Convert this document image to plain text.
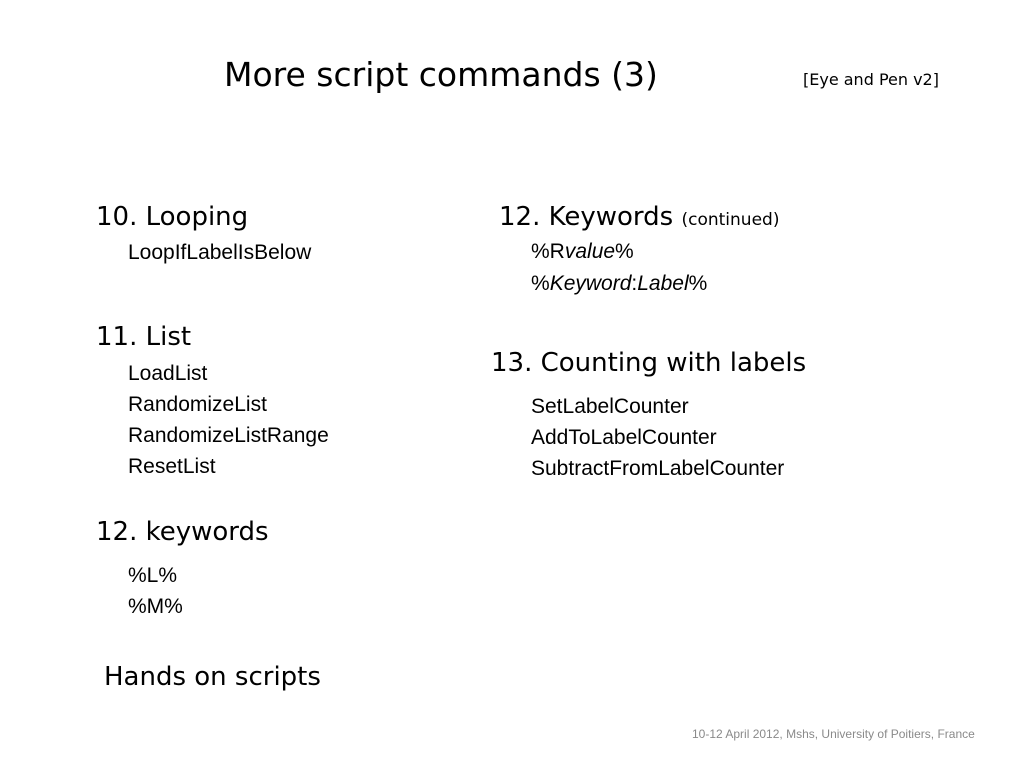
More script commands (3)	[Eye and Pen v2]
10. Looping
LoopIfLabelIsBelow
11. List
LoadList
RandomizeList
RandomizeListRange
ResetList
12. keywords
%L%
%M%
Hands on scripts
12. Keywords (continued)
%Rvalue%
%Keyword:Label%
13. Counting with labels
SetLabelCounter
AddToLabelCounter
SubtractFromLabelCounter
10-12 April 2012, Mshs, University of Poitiers, France
